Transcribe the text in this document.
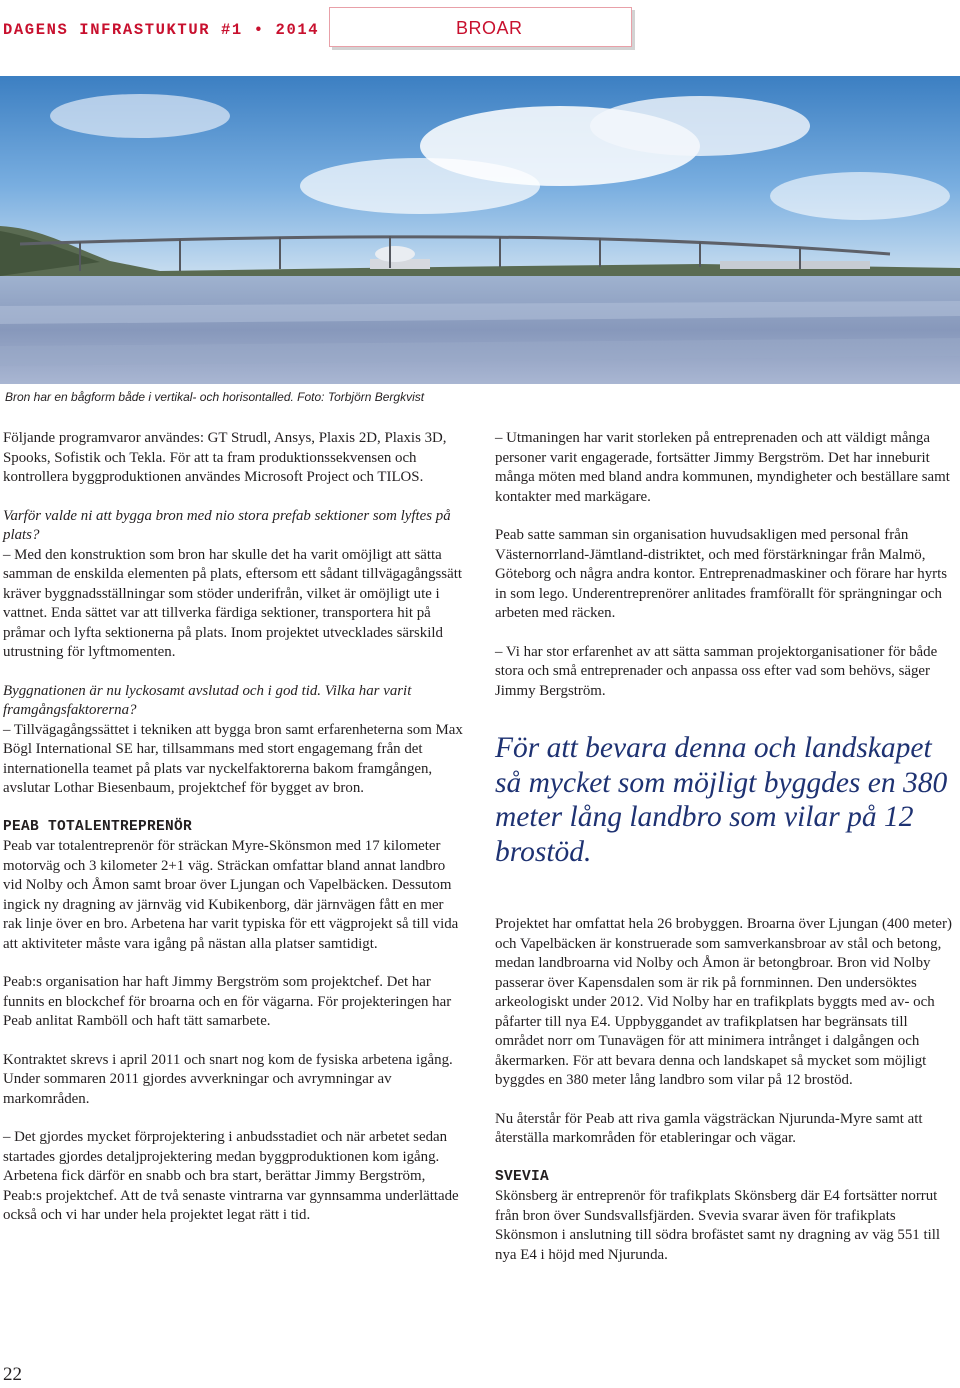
DAGENS INFRASTUKTUR #1 • 2014	BROAR
Bron har en bågform både i vertikal- och horisontalled. Foto: Torbjörn Bergkvist

Följande programvaror användes: GT Strudl, Ansys, Plaxis 2D, Plaxis 3D, Spooks, Sofistik och Tekla. För att ta fram produktionssekvensen och kontrollera byggproduktionen användes Microsoft Project och TILOS.

Varför valde ni att bygga bron med nio stora prefab sektioner som lyftes på plats?

– Med den konstruktion som bron har skulle det ha varit omöjligt att sätta samman de enskilda elementen på plats, eftersom ett sådant tillvägagångssätt kräver byggnadsställningar som stöder underifrån, vilket är omöjligt ute i vattnet. Enda sättet var att tillverka färdiga sektioner, transportera hit på pråmar och lyfta sektionerna på plats. Inom projektet utvecklades särskild utrustning för lyftmomenten.

Byggnationen är nu lyckosamt avslutad och i god tid. Vilka har varit framgångsfaktorerna?

– Tillvägagångssättet i tekniken att bygga bron samt erfarenheterna som Max Bögl International SE har, tillsammans med stort engagemang från det internationella teamet på plats var nyckelfaktorerna bakom framgången, avslutar Lothar Biesenbaum, projektchef för bygget av bron.

PEAB TOTALENTREPRENÖR

Peab var totalentreprenör för sträckan Myre-Skönsmon med 17 kilometer motorväg och 3 kilometer 2+1 väg. Sträckan omfattar bland annat landbro vid Nolby och Åmon samt broar över Ljungan och Vapelbäcken. Dessutom ingick ny dragning av järnväg vid Kubikenborg, där järnvägen fått en mer rak linje över en bro. Arbetena har varit typiska för ett vägprojekt så till vida att aktiviteter måste vara igång på nästan alla platser samtidigt.

Peab:s organisation har haft Jimmy Bergström som projektchef. Det har funnits en blockchef för broarna och en för vägarna. För projekteringen har Peab anlitat Ramböll och haft tätt samarbete.

Kontraktet skrevs i april 2011 och snart nog kom de fysiska arbetena igång. Under sommaren 2011 gjordes avverkningar och avrymningar av markområden.

– Det gjordes mycket förprojektering i anbudsstadiet och när arbetet sedan startades gjordes detaljprojektering medan byggproduktionen kom igång. Arbetena fick därför en snabb och bra start, berättar Jimmy Bergström, Peab:s projektchef. Att de två senaste vintrarna var gynnsamma underlättade också och vi har under hela projektet legat rätt i tid.

– Utmaningen har varit storleken på entreprenaden och att väldigt många personer varit engagerade, fortsätter Jimmy Bergström. Det har inneburit många möten med bland andra kommunen, myndigheter och beställare samt kontakter med markägare.

Peab satte samman sin organisation huvudsakligen med personal från Västernorrland-Jämtland-distriktet, och med förstärkningar från Malmö, Göteborg och några andra kontor. Entreprenadmaskiner och förare har hyrts in som lego. Underentreprenörer anlitades framförallt för sprängningar och arbeten med räcken.

– Vi har stor erfarenhet av att sätta samman projektorganisationer för både stora och små entreprenader och anpassa oss efter vad som behövs, säger Jimmy Bergström.

För att bevara denna och landskapet så mycket som möjligt byggdes en 380 meter lång landbro som vilar på 12 brostöd.

Projektet har omfattat hela 26 brobyggen. Broarna över Ljungan (400 meter) och Vapelbäcken är konstruerade som samverkansbroar av stål och betong, medan landbroarna vid Nolby och Åmon är betongbroar. Bron vid Nolby passerar över Kapensdalen som är rik på fornminnen. Den undersöktes arkeologiskt under 2012. Vid Nolby har en trafikplats byggts med av- och påfarter till nya E4. Uppbyggandet av trafikplatsen har begränsats till området norr om Tunavägen för att minimera intrånget i dalgången och åkermarken. För att bevara denna och landskapet så mycket som möjligt byggdes en 380 meter lång landbro som vilar på 12 brostöd.

Nu återstår för Peab att riva gamla vägsträckan Njurunda-Myre samt att återställa markområden för etableringar och vägar.

SVEVIA

Skönsberg är entreprenör för trafikplats Skönsberg där E4 fortsätter norrut från bron över Sundsvallsfjärden. Svevia svarar även för trafikplats Skönsmon i anslutning till södra brofästet samt ny dragning av väg 551 till nya E4 i höjd med Njurunda.

22
